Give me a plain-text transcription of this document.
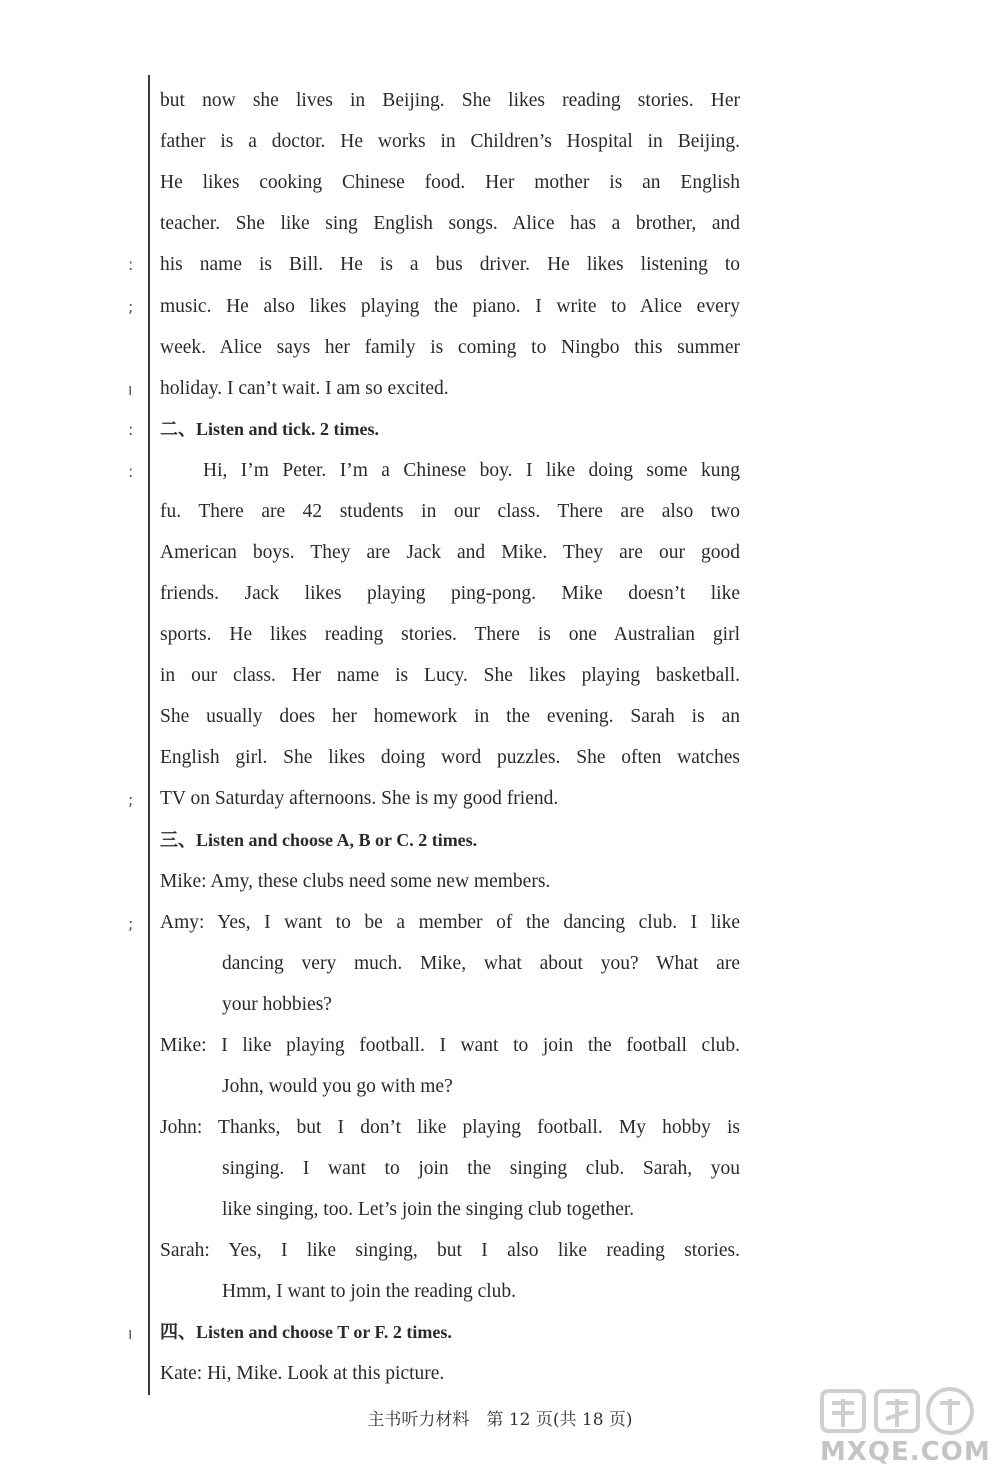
:
;
ı
:
:
;
;
ı
but now she lives in Beijing. She likes reading stories. Her
father is a doctor. He works in Children’s Hospital in Beijing.
He likes cooking Chinese food. Her mother is an English
teacher. She like sing English songs. Alice has a brother, and
his name is Bill. He is a bus driver. He likes listening to
music. He also likes playing the piano. I write to Alice every
week. Alice says her family is coming to Ningbo this summer
holiday. I can’t wait. I am so excited.
二、Listen and tick. 2 times.
Hi, I’m Peter. I’m a Chinese boy. I like doing some kung
fu. There are 42 students in our class. There are also two
American boys. They are Jack and Mike. They are our good
friends. Jack likes playing ping-pong. Mike doesn’t like
sports. He likes reading stories. There is one Australian girl
in our class. Her name is Lucy. She likes playing basketball.
She usually does her homework in the evening. Sarah is an
English girl. She likes doing word puzzles. She often watches
TV on Saturday afternoons. She is my good friend.
三、Listen and choose A, B or C. 2 times.
Mike: Amy, these clubs need some new members.
Amy: Yes, I want to be a member of the dancing club. I like
dancing very much. Mike, what about you? What are
your hobbies?
Mike: I like playing football. I want to join the football club.
John, would you go with me?
John: Thanks, but I don’t like playing football. My hobby is
singing. I want to join the singing club. Sarah, you
like singing, too. Let’s join the singing club together.
Sarah: Yes, I like singing, but I also like reading stories.
Hmm, I want to join the reading club.
四、Listen and choose T or F. 2 times.
Kate: Hi, Mike. Look at this picture.
主书听力材料　第 12 页(共 18 页)
MXQE.COM
